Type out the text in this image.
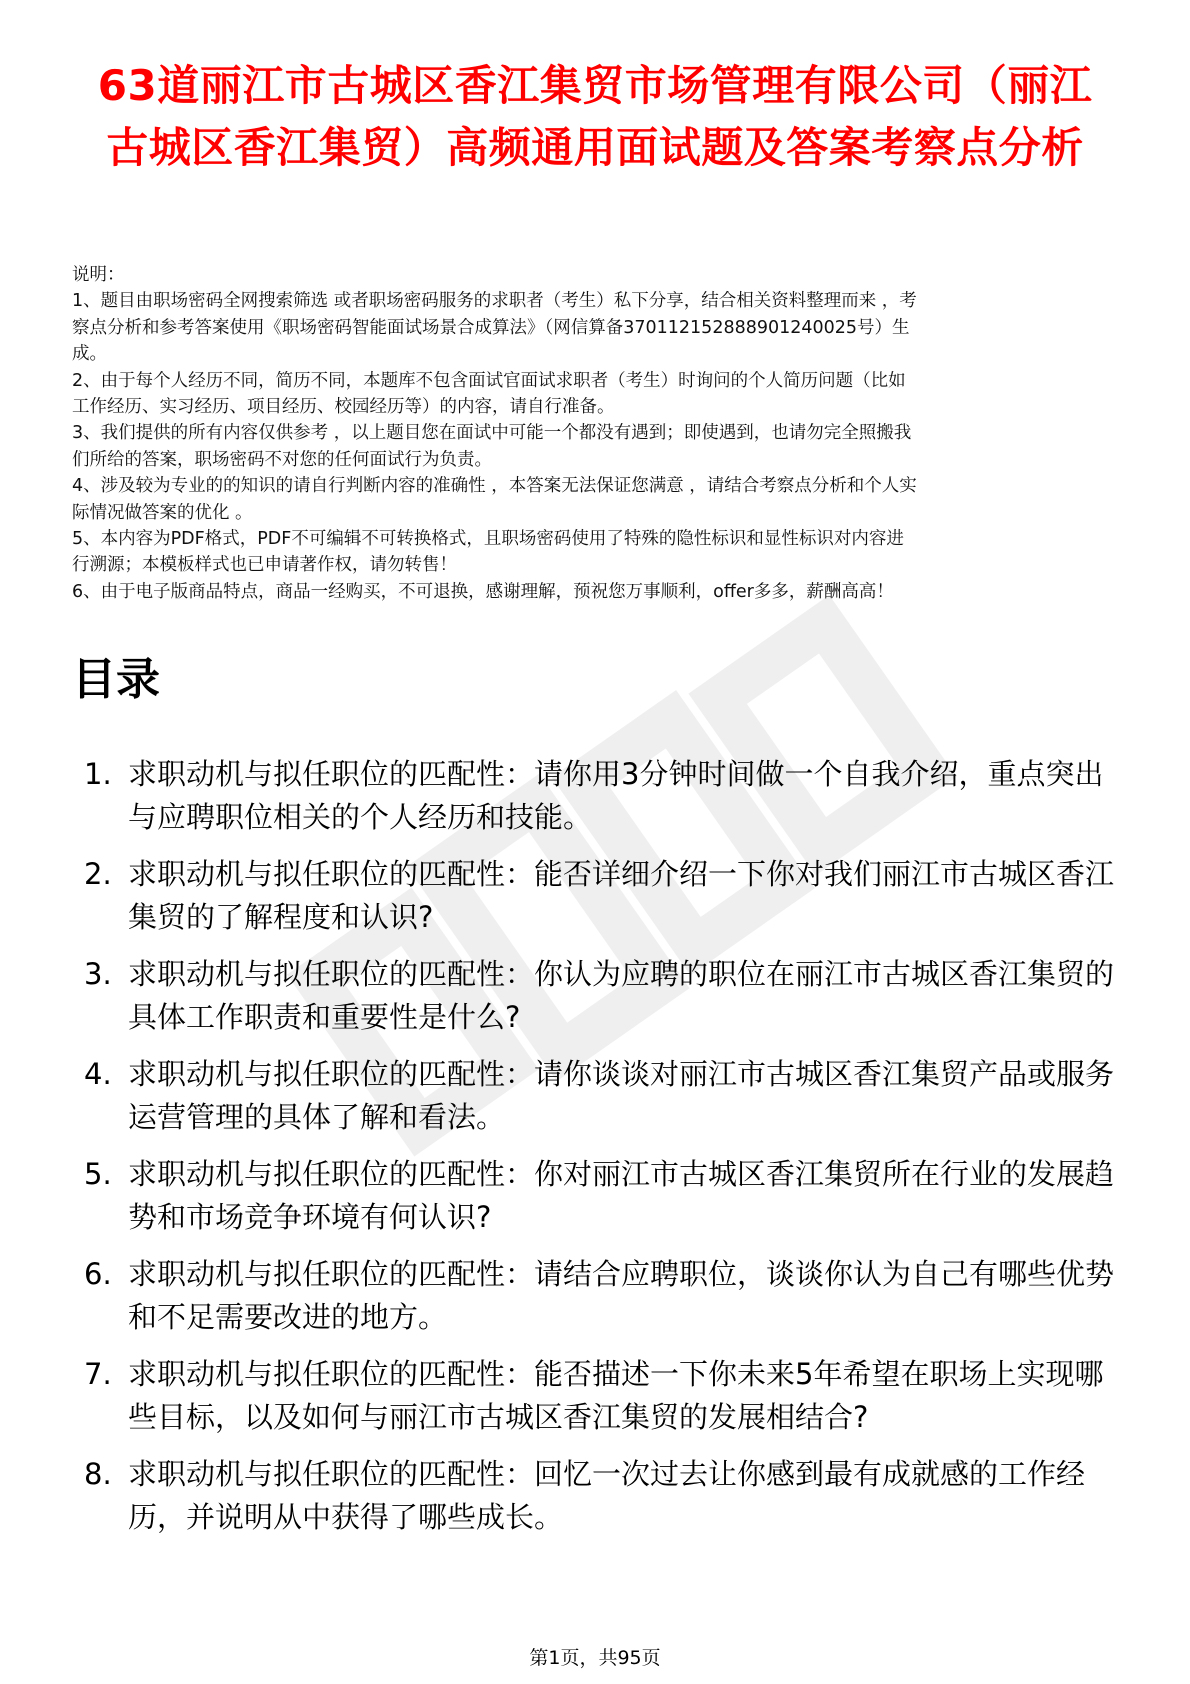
63道丽江市古城区香江集贸市场管理有限公司（丽江古城区香江集贸）高频通用面试题及答案考察点分析
说明：
1、题目由职场密码全网搜索筛选 或者职场密码服务的求职者（考生）私下分享，结合相关资料整理而来 ，考
察点分析和参考答案使用《职场密码智能面试场景合成算法》（网信算备3701121528889012400​25号）生
成。
2、由于每个人经历不同，简历不同，本题库不包含面试官面试求职者（考生）时询问的个人简历问题（比如
工作经历、实习经历、项目经历、校园经历等）的内容，请自行准备。
3、我们提供的所有内容仅供参考 ，以上题目您在面试中可能一个都没有遇到；即使遇到，也请勿完全照搬我
们所给的答案，职场密码不对您的任何面试行为负责。
4、涉及较为专业的的知识的请自行判断内容的准确性 ，本答案无法保证您满意 ，请结合考察点分析和个人实
际情况做答案的优化 。
5、本内容为PDF格式，PDF不可编辑不可转换格式，且职场密码使用了特殊的隐性标识和显性标识对内容进
行溯源；本模板样式也已申请著作权，请勿转售！
6、由于电子版商品特点，商品一经购买，不可退换，感谢理解，预祝您万事顺利，offer多多，薪酬高高！
目录
1. 求职动机与拟任职位的匹配性：请你用3分钟时间做一个自我介绍，重点突出与应聘职位相关的个人经历和技能。
2. 求职动机与拟任职位的匹配性：能否详细介绍一下你对我们丽江市古城区香江集贸的了解程度和认识?
3. 求职动机与拟任职位的匹配性：你认为应聘的职位在丽江市古城区香江集贸的具体工作职责和重要性是什么?
4. 求职动机与拟任职位的匹配性：请你谈谈对丽江市古城区香江集贸产品或服务运营管理的具体了解和看法。
5. 求职动机与拟任职位的匹配性：你对丽江市古城区香江集贸所在行业的发展趋势和市场竞争环境有何认识?
6. 求职动机与拟任职位的匹配性：请结合应聘职位，谈谈你认为自己有哪些优势和不足需要改进的地方。
7. 求职动机与拟任职位的匹配性：能否描述一下你未来5年希望在职场上实现哪些目标，以及如何与丽江市古城区香江集贸的发展相结合?
8. 求职动机与拟任职位的匹配性：回忆一次过去让你感到最有成就感的工作经历，并说明从中获得了哪些成长。
第1页，共95页
